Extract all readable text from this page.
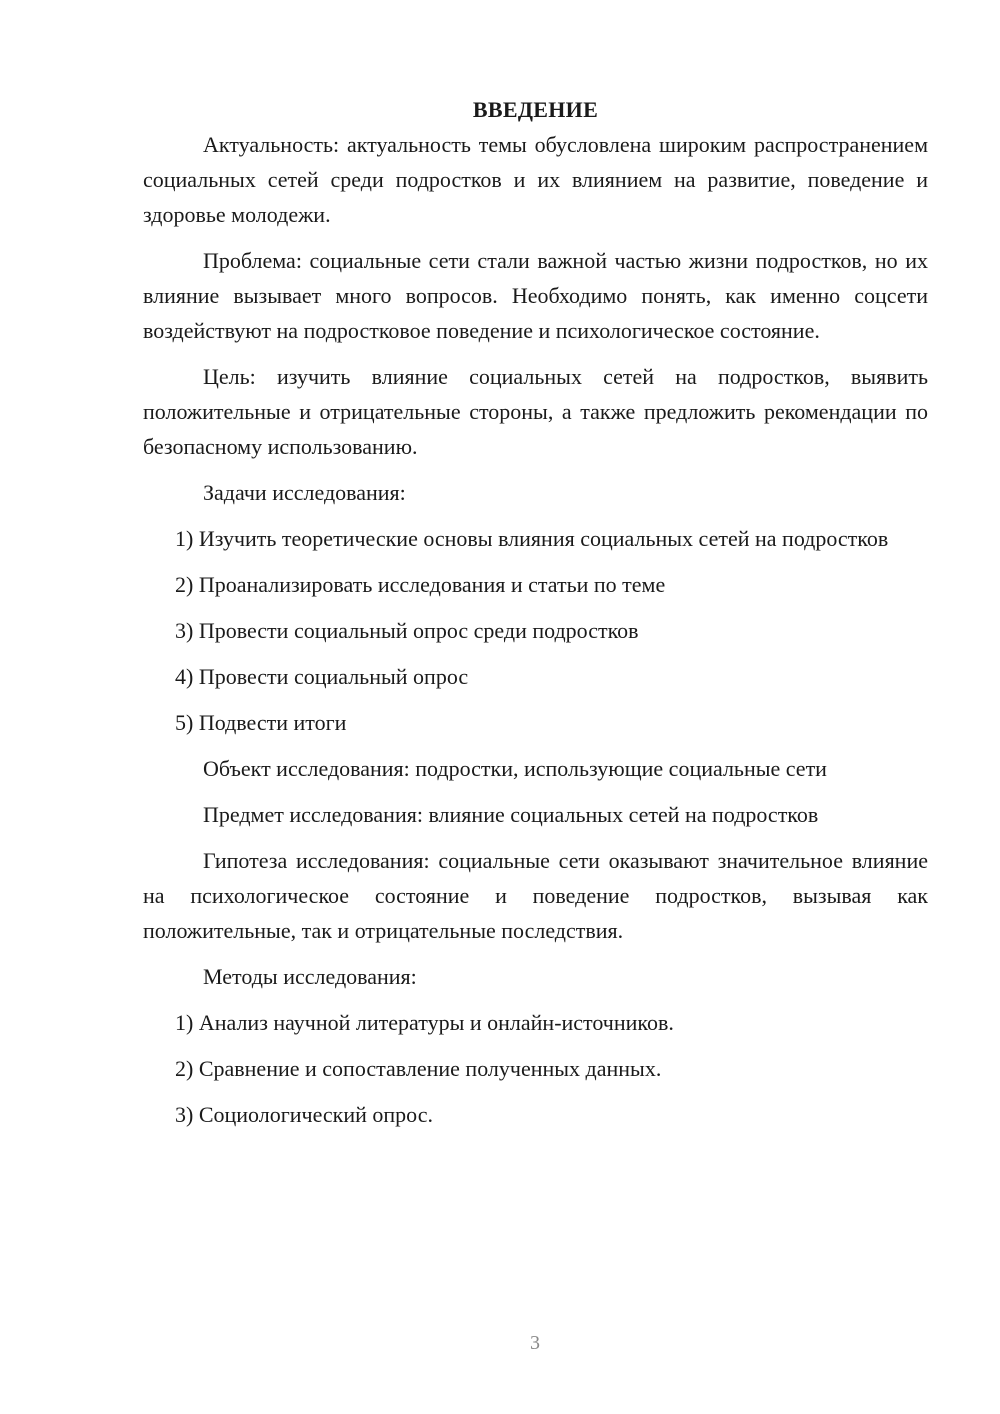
ВВЕДЕНИЕ

Актуальность: актуальность темы обусловлена широким распространением социальных сетей среди подростков и их влиянием на развитие, поведение и здоровье молодежи.

Проблема: социальные сети стали важной частью жизни подростков, но их влияние вызывает много вопросов. Необходимо понять, как именно соцсети воздействуют на подростковое поведение и психологическое состояние.

Цель: изучить влияние социальных сетей на подростков, выявить положительные и отрицательные стороны, а также предложить рекомендации по безопасному использованию.

Задачи исследования:

1) Изучить теоретические основы влияния социальных сетей на подростков

2) Проанализировать исследования и статьи по теме

3) Провести социальный опрос среди подростков

4) Провести социальный опрос

5) Подвести итоги

Объект исследования: подростки, использующие социальные сети

Предмет исследования: влияние социальных сетей на подростков

Гипотеза исследования: социальные сети оказывают значительное влияние на психологическое состояние и поведение подростков, вызывая как положительные, так и отрицательные последствия.

Методы исследования:

1) Анализ научной литературы и онлайн-источников.

2) Сравнение и сопоставление полученных данных.

3) Социологический опрос.

3
